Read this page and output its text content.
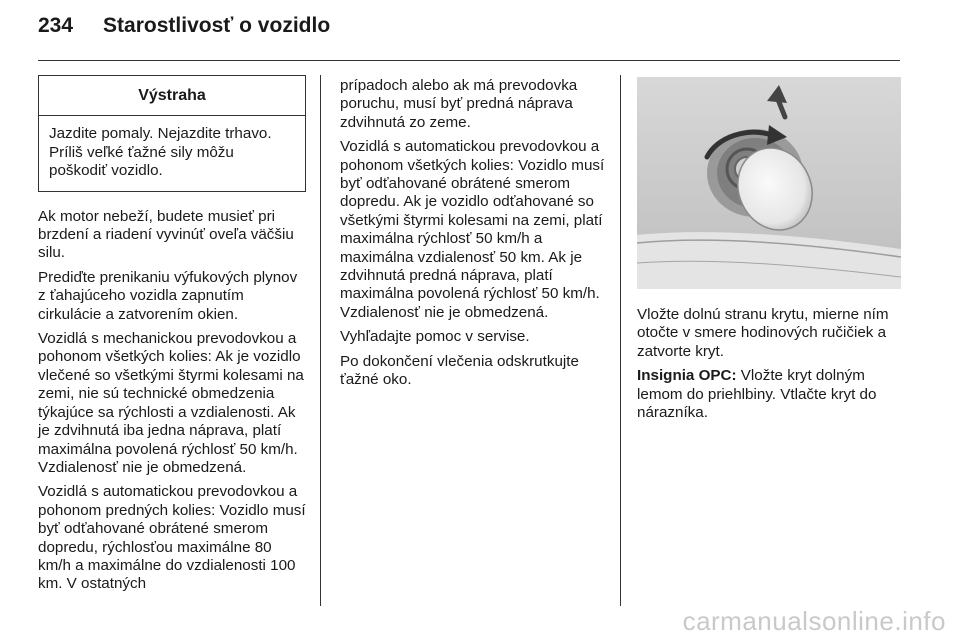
234 Starostlivosť o vozidlo
Výstraha
Jazdite pomaly. Nejazdite trhavo. Príliš veľké ťažné sily môžu poškodiť vozidlo.

Ak motor nebeží, budete musieť pri brzdení a riadení vyvinúť oveľa väčšiu silu.

Prediďte prenikaniu výfukových plynov z ťahajúceho vozidla zapnutím cirkulácie a zatvorením okien.

Vozidlá s mechanickou prevodovkou a pohonom všetkých kolies: Ak je vozidlo vlečené so všetkými štyrmi kolesami na zemi, nie sú technické obmedzenia týkajúce sa rýchlosti a vzdialenosti. Ak je zdvihnutá iba jedna náprava, platí maximálna povolená rýchlosť 50 km/h. Vzdialenosť nie je obmedzená.

Vozidlá s automatickou prevodovkou a pohonom predných kolies: Vozidlo musí byť odťahované obrátené smerom dopredu, rýchlosťou maximálne 80 km/h a maximálne do vzdialenosti 100 km. V ostatných

prípadoch alebo ak má prevodovka poruchu, musí byť predná náprava zdvihnutá zo zeme.

Vozidlá s automatickou prevodovkou a pohonom všetkých kolies: Vozidlo musí byť odťahované obrátené smerom dopredu. Ak je vozidlo odťahované so všetkými štyrmi kolesami na zemi, platí maximálna rýchlosť 50 km/h a maximálna vzdialenosť 50 km. Ak je zdvihnutá predná náprava, platí maximálna povolená rýchlosť 50 km/h. Vzdialenosť nie je obmedzená.

Vyhľadajte pomoc v servise.

Po dokončení vlečenia odskrutkujte ťažné oko.

Vložte dolnú stranu krytu, mierne ním otočte v smere hodinových ručičiek a zatvorte kryt.

Insignia OPC: Vložte kryt dolným lemom do priehlbiny. Vtlačte kryt do nárazníka.

carmanualsonline.info
